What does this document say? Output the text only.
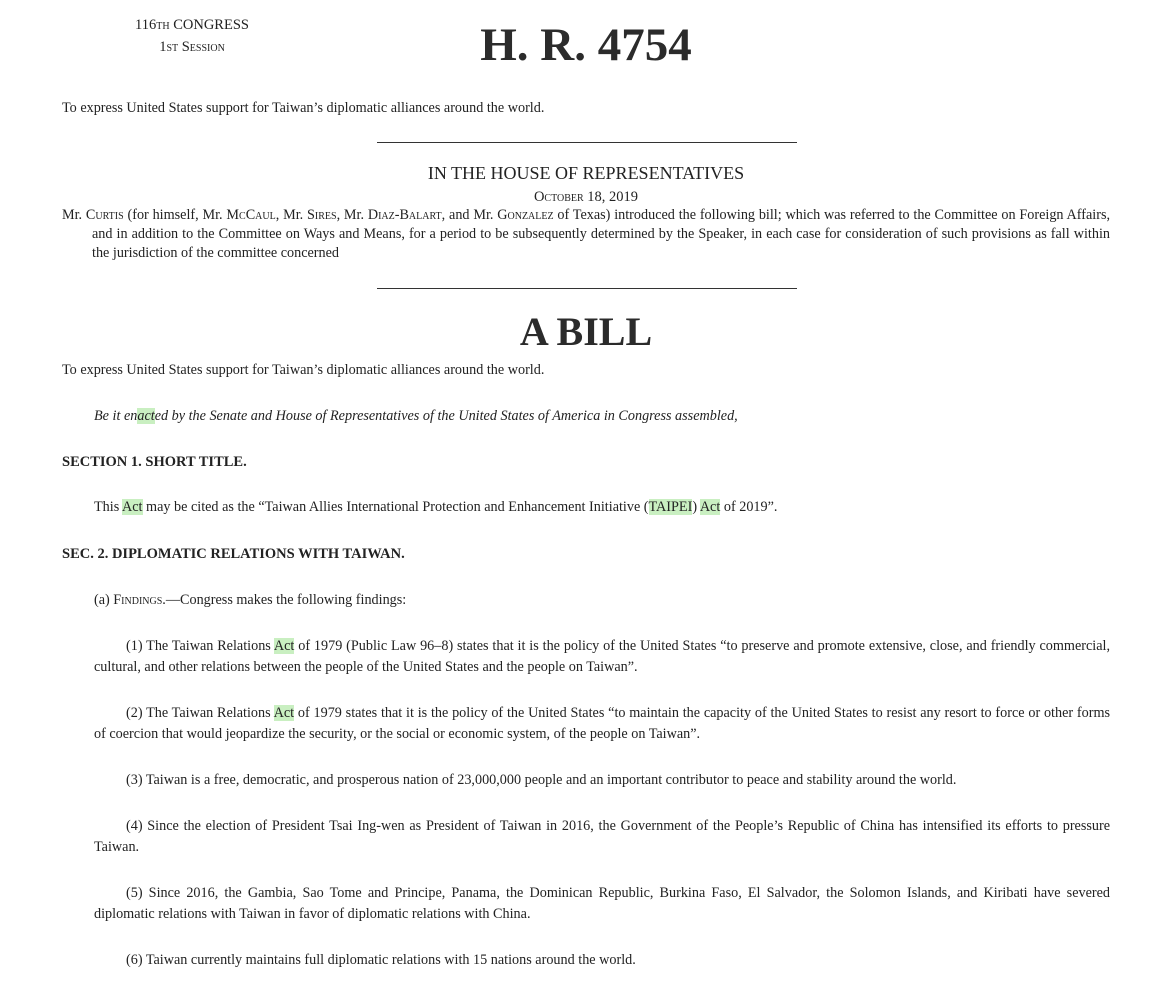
116th CONGRESS
1st Session	H. R. 4754
To express United States support for Taiwan’s diplomatic alliances around the world.
IN THE HOUSE OF REPRESENTATIVES
October 18, 2019
Mr. Curtis (for himself, Mr. McCaul, Mr. Sires, Mr. Diaz-Balart, and Mr. Gonzalez of Texas) introduced the following bill; which was referred to the Committee on Foreign Affairs, and in addition to the Committee on Ways and Means, for a period to be subsequently determined by the Speaker, in each case for consideration of such provisions as fall within the jurisdiction of the committee concerned
A BILL
To express United States support for Taiwan’s diplomatic alliances around the world.
Be it enacted by the Senate and House of Representatives of the United States of America in Congress assembled,
SECTION 1. SHORT TITLE.
This Act may be cited as the “Taiwan Allies International Protection and Enhancement Initiative (TAIPEI) Act of 2019”.
SEC. 2. DIPLOMATIC RELATIONS WITH TAIWAN.
(a) Findings.—Congress makes the following findings:
(1) The Taiwan Relations Act of 1979 (Public Law 96–8) states that it is the policy of the United States “to preserve and promote extensive, close, and friendly commercial, cultural, and other relations between the people of the United States and the people on Taiwan”.
(2) The Taiwan Relations Act of 1979 states that it is the policy of the United States “to maintain the capacity of the United States to resist any resort to force or other forms of coercion that would jeopardize the security, or the social or economic system, of the people on Taiwan”.
(3) Taiwan is a free, democratic, and prosperous nation of 23,000,000 people and an important contributor to peace and stability around the world.
(4) Since the election of President Tsai Ing-wen as President of Taiwan in 2016, the Government of the People’s Republic of China has intensified its efforts to pressure Taiwan.
(5) Since 2016, the Gambia, Sao Tome and Principe, Panama, the Dominican Republic, Burkina Faso, El Salvador, the Solomon Islands, and Kiribati have severed diplomatic relations with Taiwan in favor of diplomatic relations with China.
(6) Taiwan currently maintains full diplomatic relations with 15 nations around the world.
